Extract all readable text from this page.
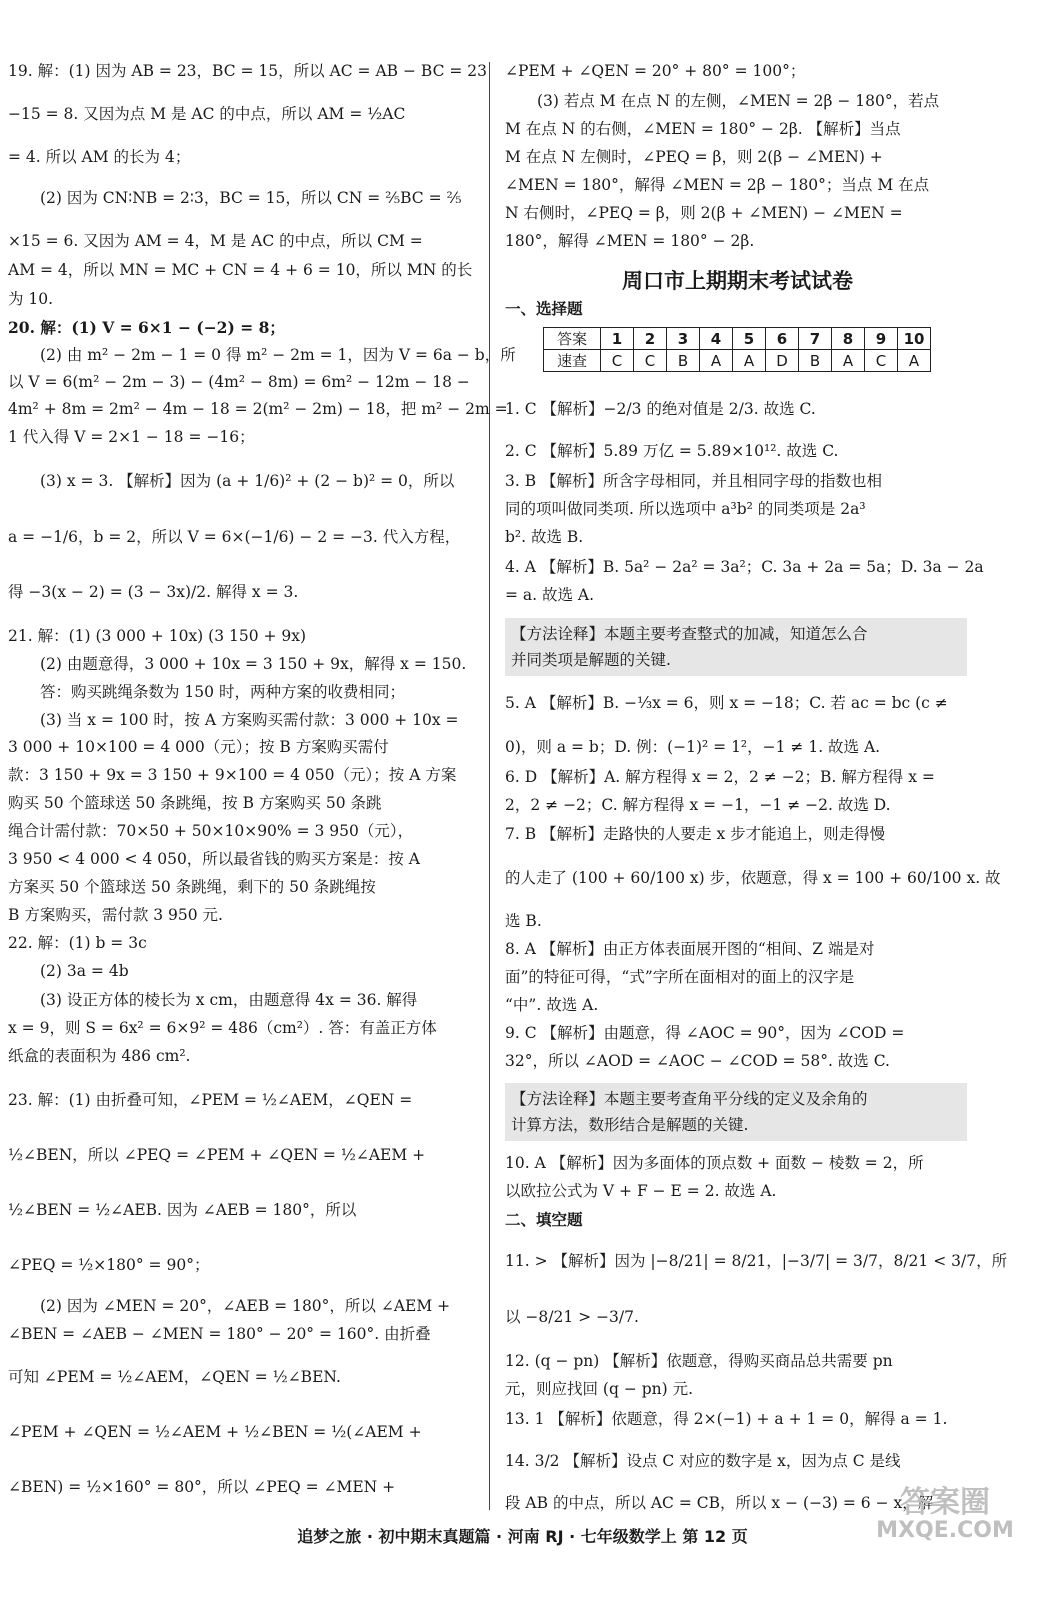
19. 解：(1) 因为 AB = 23，BC = 15，所以 AC = AB − BC = 23
−15 = 8. 又因为点 M 是 AC 的中点，所以 AM = ½AC
= 4. 所以 AM 的长为 4；
(2) 因为 CN∶NB = 2∶3，BC = 15，所以 CN = ⅖BC = ⅖
×15 = 6. 又因为 AM = 4，M 是 AC 的中点，所以 CM =
AM = 4，所以 MN = MC + CN = 4 + 6 = 10，所以 MN 的长
为 10.
20. 解：(1) V = 6×1 − (−2) = 8；
(2) 由 m² − 2m − 1 = 0 得 m² − 2m = 1，因为 V = 6a − b，所
以 V = 6(m² − 2m − 3) − (4m² − 8m) = 6m² − 12m − 18 −
4m² + 8m = 2m² − 4m − 18 = 2(m² − 2m) − 18，把 m² − 2m =
1 代入得 V = 2×1 − 18 = −16；
(3) x = 3. 【解析】因为 (a + 1/6)² + (2 − b)² = 0，所以
a = −1/6，b = 2，所以 V = 6×(−1/6) − 2 = −3. 代入方程，
得 −3(x − 2) = (3 − 3x)/2. 解得 x = 3.
21. 解：(1) (3 000 + 10x) (3 150 + 9x)
(2) 由题意得，3 000 + 10x = 3 150 + 9x，解得 x = 150.
答：购买跳绳条数为 150 时，两种方案的收费相同；
(3) 当 x = 100 时，按 A 方案购买需付款：3 000 + 10x =
3 000 + 10×100 = 4 000（元）；按 B 方案购买需付
款：3 150 + 9x = 3 150 + 9×100 = 4 050（元）；按 A 方案
购买 50 个篮球送 50 条跳绳，按 B 方案购买 50 条跳
绳合计需付款：70×50 + 50×10×90% = 3 950（元），
3 950 < 4 000 < 4 050，所以最省钱的购买方案是：按 A
方案买 50 个篮球送 50 条跳绳，剩下的 50 条跳绳按
B 方案购买，需付款 3 950 元.
22. 解：(1) b = 3c
(2) 3a = 4b
(3) 设正方体的棱长为 x cm，由题意得 4x = 36. 解得
x = 9，则 S = 6x² = 6×9² = 486（cm²）. 答：有盖正方体
纸盒的表面积为 486 cm².
23. 解：(1) 由折叠可知，∠PEM = ½∠AEM，∠QEN =
½∠BEN，所以 ∠PEQ = ∠PEM + ∠QEN = ½∠AEM +
½∠BEN = ½∠AEB. 因为 ∠AEB = 180°，所以
∠PEQ = ½×180° = 90°；
(2) 因为 ∠MEN = 20°，∠AEB = 180°，所以 ∠AEM +
∠BEN = ∠AEB − ∠MEN = 180° − 20° = 160°. 由折叠
可知 ∠PEM = ½∠AEM，∠QEN = ½∠BEN.
∠PEM + ∠QEN = ½∠AEM + ½∠BEN = ½(∠AEM +
∠BEN) = ½×160° = 80°，所以 ∠PEQ = ∠MEN +
∠PEM + ∠QEN = 20° + 80° = 100°；
(3) 若点 M 在点 N 的左侧，∠MEN = 2β − 180°，若点
M 在点 N 的右侧，∠MEN = 180° − 2β. 【解析】当点
M 在点 N 左侧时，∠PEQ = β，则 2(β − ∠MEN) +
∠MEN = 180°，解得 ∠MEN = 2β − 180°；当点 M 在点
N 右侧时，∠PEQ = β，则 2(β + ∠MEN) − ∠MEN =
180°，解得 ∠MEN = 180° − 2β.
周口市上期期末考试试卷
一、选择题
答案	1	2	3	4	5	6	7	8	9	10
速查	C	C	B	A	A	D	B	A	C	A
1. C 【解析】−2/3 的绝对值是 2/3. 故选 C.
2. C 【解析】5.89 万亿 = 5.89×10¹². 故选 C.
3. B 【解析】所含字母相同，并且相同字母的指数也相
同的项叫做同类项. 所以选项中 a³b² 的同类项是 2a³
b². 故选 B.
4. A 【解析】B. 5a² − 2a² = 3a²；C. 3a + 2a = 5a；D. 3a − 2a
= a. 故选 A.
【方法诠释】本题主要考查整式的加减，知道怎么合
并同类项是解题的关键.
5. A 【解析】B. −⅓x = 6，则 x = −18；C. 若 ac = bc (c ≠
0)，则 a = b；D. 例：(−1)² = 1²，−1 ≠ 1. 故选 A.
6. D 【解析】A. 解方程得 x = 2，2 ≠ −2；B. 解方程得 x =
2，2 ≠ −2；C. 解方程得 x = −1，−1 ≠ −2. 故选 D.
7. B 【解析】走路快的人要走 x 步才能追上，则走得慢
的人走了 (100 + 60/100 x) 步，依题意，得 x = 100 + 60/100 x. 故
选 B.
8. A 【解析】由正方体表面展开图的“相间、Z 端是对
面”的特征可得，“式”字所在面相对的面上的汉字是
“中”. 故选 A.
9. C 【解析】由题意，得 ∠AOC = 90°，因为 ∠COD =
32°，所以 ∠AOD = ∠AOC − ∠COD = 58°. 故选 C.
【方法诠释】本题主要考查角平分线的定义及余角的
计算方法，数形结合是解题的关键.
10. A 【解析】因为多面体的顶点数 + 面数 − 棱数 = 2，所
以欧拉公式为 V + F − E = 2. 故选 A.
二、填空题
11. > 【解析】因为 |−8/21| = 8/21，|−3/7| = 3/7，8/21 < 3/7，所
以 −8/21 > −3/7.
12. (q − pn) 【解析】依题意，得购买商品总共需要 pn
元，则应找回 (q − pn) 元.
13. 1 【解析】依题意，得 2×(−1) + a + 1 = 0，解得 a = 1.
14. 3/2 【解析】设点 C 对应的数字是 x，因为点 C 是线
段 AB 的中点，所以 AC = CB，所以 x − (−3) = 6 − x，解
追梦之旅 · 初中期末真题篇 · 河南 RJ · 七年级数学上 第 12 页
答案圈
MXQE.COM
